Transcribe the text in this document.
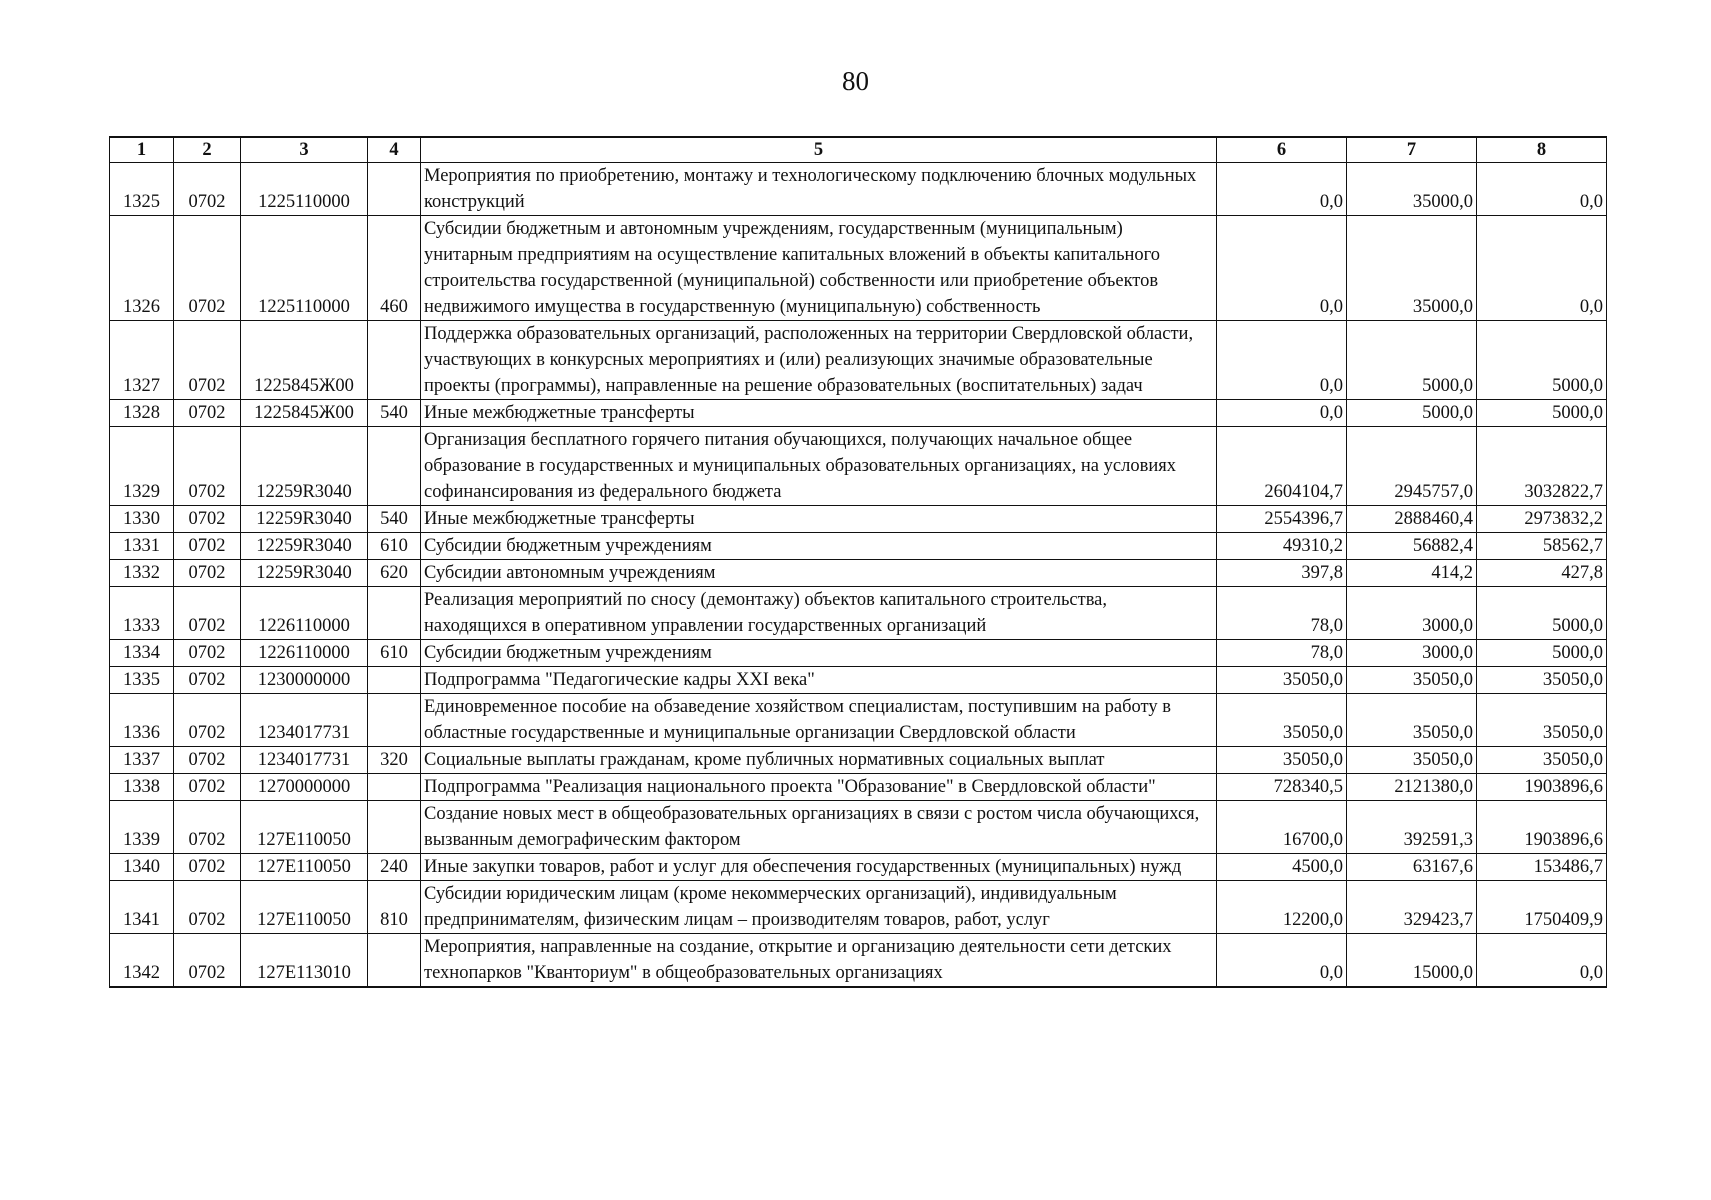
80
1	2	3	4	5	6	7	8
1325	0702	1225110000		Мероприятия по приобретению, монтажу и технологическому подключению блочных модульных конструкций	0,0	35000,0	0,0
1326	0702	1225110000	460	Субсидии бюджетным и автономным учреждениям, государственным (муниципальным) унитарным предприятиям на осуществление капитальных вложений в объекты капитального строительства государственной (муниципальной) собственности или приобретение объектов недвижимого имущества в государственную (муниципальную) собственность	0,0	35000,0	0,0
1327	0702	1225845Ж00		Поддержка образовательных организаций, расположенных на территории Свердловской области, участвующих в конкурсных мероприятиях и (или) реализующих значимые образовательные проекты (программы), направленные на решение образовательных (воспитательных) задач	0,0	5000,0	5000,0
1328	0702	1225845Ж00	540	Иные межбюджетные трансферты	0,0	5000,0	5000,0
1329	0702	12259R3040		Организация бесплатного горячего питания обучающихся, получающих начальное общее образование в государственных и муниципальных образовательных организациях, на условиях софинансирования из федерального бюджета	2604104,7	2945757,0	3032822,7
1330	0702	12259R3040	540	Иные межбюджетные трансферты	2554396,7	2888460,4	2973832,2
1331	0702	12259R3040	610	Субсидии бюджетным учреждениям	49310,2	56882,4	58562,7
1332	0702	12259R3040	620	Субсидии автономным учреждениям	397,8	414,2	427,8
1333	0702	1226110000		Реализация мероприятий по сносу (демонтажу) объектов капитального строительства, находящихся в оперативном управлении государственных организаций	78,0	3000,0	5000,0
1334	0702	1226110000	610	Субсидии бюджетным учреждениям	78,0	3000,0	5000,0
1335	0702	1230000000		Подпрограмма "Педагогические кадры XXI века"	35050,0	35050,0	35050,0
1336	0702	1234017731		Единовременное пособие на обзаведение хозяйством специалистам, поступившим на работу в областные государственные и муниципальные организации Свердловской области	35050,0	35050,0	35050,0
1337	0702	1234017731	320	Социальные выплаты гражданам, кроме публичных нормативных социальных выплат	35050,0	35050,0	35050,0
1338	0702	1270000000		Подпрограмма "Реализация национального проекта "Образование" в Свердловской области"	728340,5	2121380,0	1903896,6
1339	0702	127E110050		Создание новых мест в общеобразовательных организациях в связи с ростом числа обучающихся, вызванным демографическим фактором	16700,0	392591,3	1903896,6
1340	0702	127E110050	240	Иные закупки товаров, работ и услуг для обеспечения государственных (муниципальных) нужд	4500,0	63167,6	153486,7
1341	0702	127E110050	810	Субсидии юридическим лицам (кроме некоммерческих организаций), индивидуальным предпринимателям, физическим лицам – производителям товаров, работ, услуг	12200,0	329423,7	1750409,9
1342	0702	127E113010		Мероприятия, направленные на создание, открытие и организацию деятельности сети детских технопарков "Кванториум" в общеобразовательных организациях	0,0	15000,0	0,0
